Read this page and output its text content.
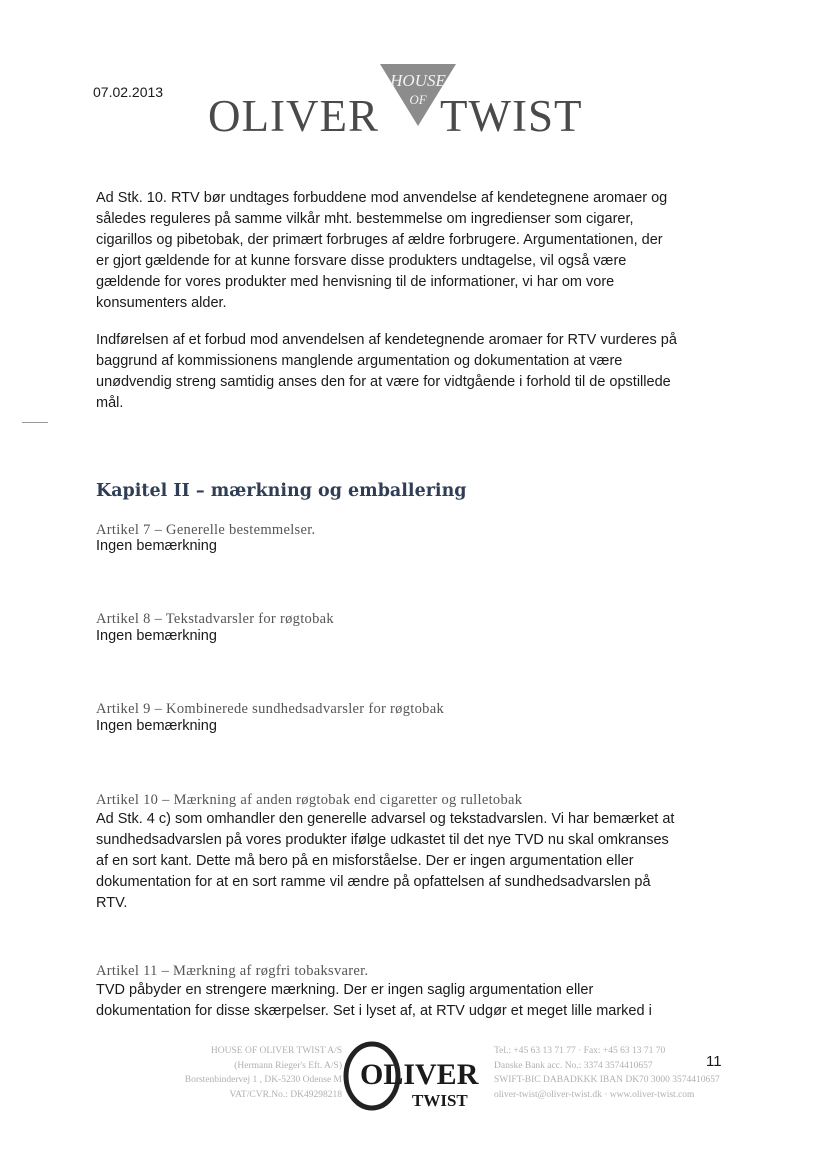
07.02.2013
HOUSE
OF
OLIVER TWIST
Ad Stk. 10. RTV bør undtages forbuddene mod anvendelse af kendetegnene aromaer og
således reguleres på samme vilkår mht. bestemmelse om ingredienser som cigarer,
cigarillos og pibetobak, der primært forbruges af ældre forbrugere. Argumentationen, der
er gjort gældende for at kunne forsvare disse produkters undtagelse, vil også være
gældende for vores produkter med henvisning til de informationer, vi har om vore
konsumenters alder.
Indførelsen af et forbud mod anvendelsen af kendetegnende aromaer for RTV vurderes på
baggrund af kommissionens manglende argumentation og dokumentation at være
unødvendig streng samtidig anses den for at være for vidtgående i forhold til de opstillede
mål.
Kapitel II – mærkning og emballering
Artikel 7 – Generelle bestemmelser.
Ingen bemærkning
Artikel 8 – Tekstadvarsler for røgtobak
Ingen bemærkning
Artikel 9 – Kombinerede sundhedsadvarsler for røgtobak
Ingen bemærkning
Artikel 10 – Mærkning af anden røgtobak end cigaretter og rulletobak
Ad Stk. 4 c) som omhandler den generelle advarsel og tekstadvarslen. Vi har bemærket at
sundhedsadvarslen på vores produkter ifølge udkastet til det nye TVD nu skal omkranses
af en sort kant. Dette må bero på en misforståelse. Der er ingen argumentation eller
dokumentation for at en sort ramme vil ændre på opfattelsen af sundhedsadvarslen på
RTV.
Artikel 11 – Mærkning af røgfri tobaksvarer.
TVD påbyder en strengere mærkning. Der er ingen saglig argumentation eller
dokumentation for disse skærpelser. Set i lyset af, at RTV udgør et meget lille marked i
HOUSE OF OLIVER TWIST A/S
(Hermann Rieger's Eft. A/S)
Borstenbindervej 1 , DK-5230 Odense M
VAT/CVR.No.: DK49298218
OLIVER
TWIST
Tel.: +45 63 13 71 77 · Fax: +45 63 13 71 70
Danske Bank acc. No.: 3374 3574410657
SWIFT-BIC DABADKKK IBAN DK70 3000 3574410657
oliver-twist@oliver-twist.dk · www.oliver-twist.com
11
